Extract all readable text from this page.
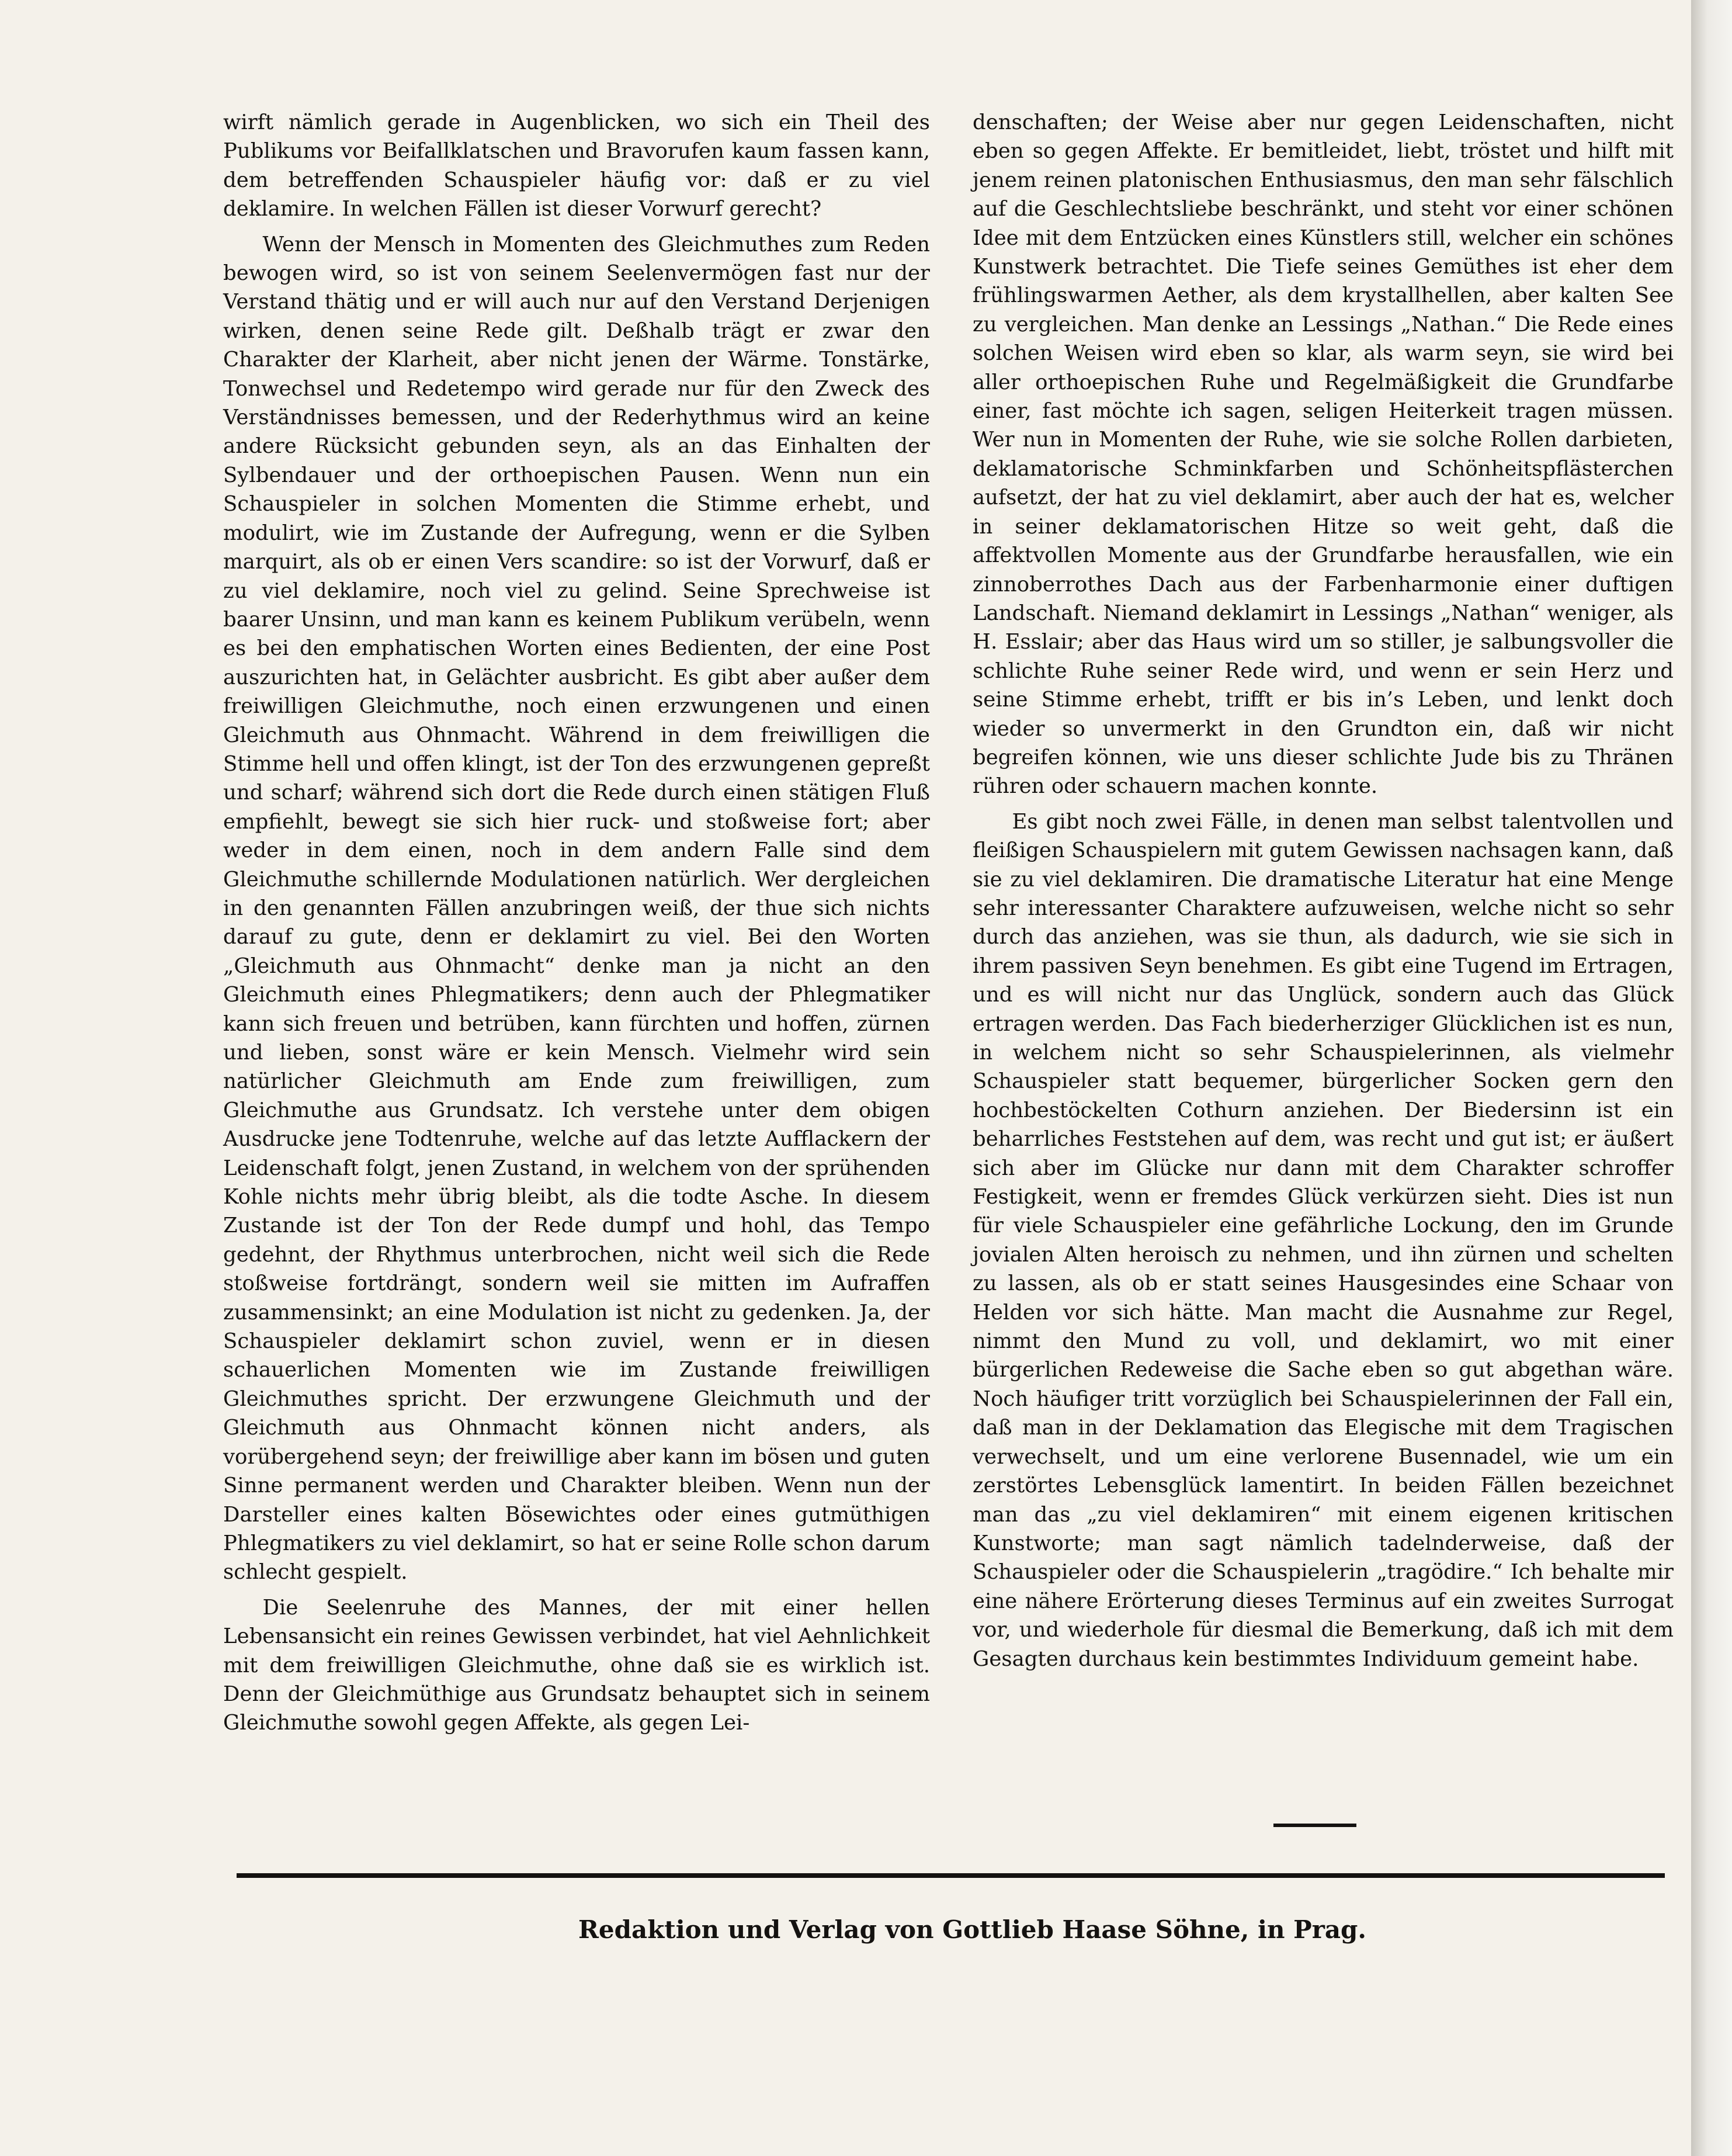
wirft nämlich gerade in Augenblicken, wo sich ein Theil des Publikums vor Beifallklatschen und Bravorufen kaum fassen kann, dem betreffenden Schauspieler häufig vor: daß er zu viel deklamire. In welchen Fällen ist dieser Vorwurf gerecht?

Wenn der Mensch in Momenten des Gleichmuthes zum Reden bewogen wird, so ist von seinem Seelenvermögen fast nur der Verstand thätig und er will auch nur auf den Verstand Derjenigen wirken, denen seine Rede gilt. Deßhalb trägt er zwar den Charakter der Klarheit, aber nicht jenen der Wärme. Tonstärke, Tonwechsel und Redetempo wird gerade nur für den Zweck des Verständnisses bemessen, und der Rederhythmus wird an keine andere Rücksicht gebunden seyn, als an das Einhalten der Sylbendauer und der orthoepischen Pausen. Wenn nun ein Schauspieler in solchen Momenten die Stimme erhebt, und modulirt, wie im Zustande der Aufregung, wenn er die Sylben marquirt, als ob er einen Vers scandire: so ist der Vorwurf, daß er zu viel deklamire, noch viel zu gelind. Seine Sprechweise ist baarer Unsinn, und man kann es keinem Publikum verübeln, wenn es bei den emphatischen Worten eines Bedienten, der eine Post auszurichten hat, in Gelächter ausbricht. Es gibt aber außer dem freiwilligen Gleichmuthe, noch einen erzwungenen und einen Gleichmuth aus Ohnmacht. Während in dem freiwilligen die Stimme hell und offen klingt, ist der Ton des erzwungenen gepreßt und scharf; während sich dort die Rede durch einen stätigen Fluß empfiehlt, bewegt sie sich hier ruck- und stoßweise fort; aber weder in dem einen, noch in dem andern Falle sind dem Gleichmuthe schillernde Modulationen natürlich. Wer dergleichen in den genannten Fällen anzubringen weiß, der thue sich nichts darauf zu gute, denn er deklamirt zu viel. Bei den Worten „Gleichmuth aus Ohnmacht“ denke man ja nicht an den Gleichmuth eines Phlegmatikers; denn auch der Phlegmatiker kann sich freuen und betrüben, kann fürchten und hoffen, zürnen und lieben, sonst wäre er kein Mensch. Vielmehr wird sein natürlicher Gleichmuth am Ende zum freiwilligen, zum Gleichmuthe aus Grundsatz. Ich verstehe unter dem obigen Ausdrucke jene Todtenruhe, welche auf das letzte Aufflackern der Leidenschaft folgt, jenen Zustand, in welchem von der sprühenden Kohle nichts mehr übrig bleibt, als die todte Asche. In diesem Zustande ist der Ton der Rede dumpf und hohl, das Tempo gedehnt, der Rhythmus unterbrochen, nicht weil sich die Rede stoßweise fortdrängt, sondern weil sie mitten im Aufraffen zusammensinkt; an eine Modulation ist nicht zu gedenken. Ja, der Schauspieler deklamirt schon zuviel, wenn er in diesen schauerlichen Momenten wie im Zustande freiwilligen Gleichmuthes spricht. Der erzwungene Gleichmuth und der Gleichmuth aus Ohnmacht können nicht anders, als vorübergehend seyn; der freiwillige aber kann im bösen und guten Sinne permanent werden und Charakter bleiben. Wenn nun der Darsteller eines kalten Bösewichtes oder eines gutmüthigen Phlegmatikers zu viel deklamirt, so hat er seine Rolle schon darum schlecht gespielt.

Die Seelenruhe des Mannes, der mit einer hellen Lebensansicht ein reines Gewissen verbindet, hat viel Aehnlichkeit mit dem freiwilligen Gleichmuthe, ohne daß sie es wirklich ist. Denn der Gleichmüthige aus Grundsatz behauptet sich in seinem Gleichmuthe sowohl gegen Affekte, als gegen Lei-

denschaften; der Weise aber nur gegen Leidenschaften, nicht eben so gegen Affekte. Er bemitleidet, liebt, tröstet und hilft mit jenem reinen platonischen Enthusiasmus, den man sehr fälschlich auf die Geschlechtsliebe beschränkt, und steht vor einer schönen Idee mit dem Entzücken eines Künstlers still, welcher ein schönes Kunstwerk betrachtet. Die Tiefe seines Gemüthes ist eher dem frühlingswarmen Aether, als dem krystallhellen, aber kalten See zu vergleichen. Man denke an Lessings „Nathan.“ Die Rede eines solchen Weisen wird eben so klar, als warm seyn, sie wird bei aller orthoepischen Ruhe und Regelmäßigkeit die Grundfarbe einer, fast möchte ich sagen, seligen Heiterkeit tragen müssen. Wer nun in Momenten der Ruhe, wie sie solche Rollen darbieten, deklamatorische Schminkfarben und Schönheitspflästerchen aufsetzt, der hat zu viel deklamirt, aber auch der hat es, welcher in seiner deklamatorischen Hitze so weit geht, daß die affektvollen Momente aus der Grundfarbe herausfallen, wie ein zinnoberrothes Dach aus der Farbenharmonie einer duftigen Landschaft. Niemand deklamirt in Lessings „Nathan“ weniger, als H. Esslair; aber das Haus wird um so stiller, je salbungsvoller die schlichte Ruhe seiner Rede wird, und wenn er sein Herz und seine Stimme erhebt, trifft er bis in’s Leben, und lenkt doch wieder so unvermerkt in den Grundton ein, daß wir nicht begreifen können, wie uns dieser schlichte Jude bis zu Thränen rühren oder schauern machen konnte.

Es gibt noch zwei Fälle, in denen man selbst talentvollen und fleißigen Schauspielern mit gutem Gewissen nachsagen kann, daß sie zu viel deklamiren. Die dramatische Literatur hat eine Menge sehr interessanter Charaktere aufzuweisen, welche nicht so sehr durch das anziehen, was sie thun, als dadurch, wie sie sich in ihrem passiven Seyn benehmen. Es gibt eine Tugend im Ertragen, und es will nicht nur das Unglück, sondern auch das Glück ertragen werden. Das Fach biederherziger Glücklichen ist es nun, in welchem nicht so sehr Schauspielerinnen, als vielmehr Schauspieler statt bequemer, bürgerlicher Socken gern den hochbestöckelten Cothurn anziehen. Der Biedersinn ist ein beharrliches Feststehen auf dem, was recht und gut ist; er äußert sich aber im Glücke nur dann mit dem Charakter schroffer Festigkeit, wenn er fremdes Glück verkürzen sieht. Dies ist nun für viele Schauspieler eine gefährliche Lockung, den im Grunde jovialen Alten heroisch zu nehmen, und ihn zürnen und schelten zu lassen, als ob er statt seines Hausgesindes eine Schaar von Helden vor sich hätte. Man macht die Ausnahme zur Regel, nimmt den Mund zu voll, und deklamirt, wo mit einer bürgerlichen Redeweise die Sache eben so gut abgethan wäre. Noch häufiger tritt vorzüglich bei Schauspielerinnen der Fall ein, daß man in der Deklamation das Elegische mit dem Tragischen verwechselt, und um eine verlorene Busennadel, wie um ein zerstörtes Lebensglück lamentirt. In beiden Fällen bezeichnet man das „zu viel deklamiren“ mit einem eigenen kritischen Kunstworte; man sagt nämlich tadelnderweise, daß der Schauspieler oder die Schauspielerin „tragödire.“ Ich behalte mir eine nähere Erörterung dieses Terminus auf ein zweites Surrogat vor, und wiederhole für diesmal die Bemerkung, daß ich mit dem Gesagten durchaus kein bestimmtes Individuum gemeint habe.

Redaktion und Verlag von Gottlieb Haase Söhne, in Prag.
